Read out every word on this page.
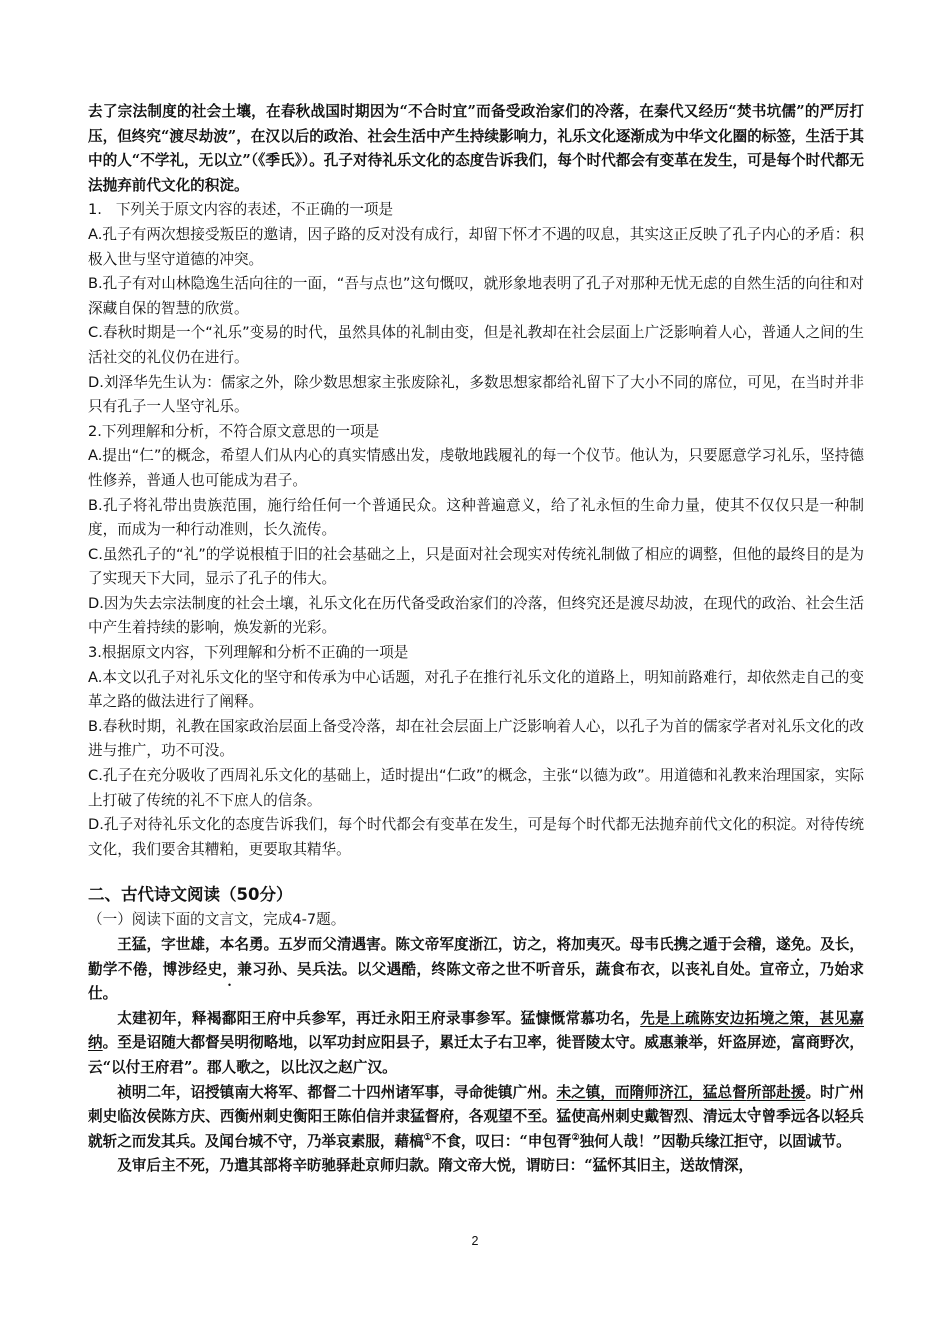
去了宗法制度的社会土壤，在春秋战国时期因为“不合时宜”而备受政治家们的冷落，在秦代又经历“焚书坑儒”的严厉打压，但终究“渡尽劫波”，在汉以后的政治、社会生活中产生持续影响力，礼乐文化逐渐成为中华文化圈的标签，生活于其中的人“不学礼，无以立”（《季氏》）。孔子对待礼乐文化的态度告诉我们，每个时代都会有变革在发生，可是每个时代都无法抛弃前代文化的积淀。

1.   下列关于原文内容的表述，不正确的一项是

A.孔子有两次想接受叛臣的邀请，因子路的反对没有成行，却留下怀才不遇的叹息，其实这正反映了孔子内心的矛盾：积极入世与坚守道德的冲突。

B.孔子有对山林隐逸生活向往的一面，“吾与点也”这句慨叹，就形象地表明了孔子对那种无忧无虑的自然生活的向往和对深藏自保的智慧的欣赏。

C.春秋时期是一个“礼乐”变易的时代，虽然具体的礼制由变，但是礼教却在社会层面上广泛影响着人心，普通人之间的生活社交的礼仪仍在进行。

D.刘泽华先生认为：儒家之外，除少数思想家主张废除礼，多数思想家都给礼留下了大小不同的席位，可见，在当时并非只有孔子一人坚守礼乐。

2.下列理解和分析，不符合原文意思的一项是

A.提出“仁”的概念，希望人们从内心的真实情感出发，虔敬地践履礼的每一个仪节。他认为，只要愿意学习礼乐，坚持德性修养，普通人也可能成为君子。

B.孔子将礼带出贵族范围，施行给任何一个普通民众。这种普遍意义，给了礼永恒的生命力量，使其不仅仅只是一种制度，而成为一种行动准则，长久流传。

C.虽然孔子的“礼”的学说根植于旧的社会基础之上，只是面对社会现实对传统礼制做了相应的调整，但他的最终目的是为了实现天下大同，显示了孔子的伟大。

D.因为失去宗法制度的社会土壤，礼乐文化在历代备受政治家们的冷落，但终究还是渡尽劫波，在现代的政治、社会生活中产生着持续的影响，焕发新的光彩。

3.根据原文内容，下列理解和分析不正确的一项是

A.本文以孔子对礼乐文化的坚守和传承为中心话题，对孔子在推行礼乐文化的道路上，明知前路难行，却依然走自己的变革之路的做法进行了阐释。

B.春秋时期，礼教在国家政治层面上备受冷落，却在社会层面上广泛影响着人心，以孔子为首的儒家学者对礼乐文化的改进与推广，功不可没。

C.孔子在充分吸收了西周礼乐文化的基础上，适时提出“仁政”的概念，主张“以德为政”。用道德和礼教来治理国家，实际上打破了传统的礼不下庶人的信条。

D.孔子对待礼乐文化的态度告诉我们，每个时代都会有变革在发生，可是每个时代都无法抛弃前代文化的积淀。对待传统文化，我们要舍其糟粕，更要取其精华。

二、古代诗文阅读（50分）

（一）阅读下面的文言文，完成4-7题。

王猛，字世雄，本名勇。五岁而父清遇害。陈文帝军度浙江，访之，将加夷灭。母韦氏携之遁于会稽，遂免。及长，勤学不倦，博涉经史，兼习孙、吴兵法。以父遇酷，终陈文帝之世不听音乐，蔬食布衣，以丧礼自处。宣帝立，乃始求仕。

太建初年，释褐鄱阳王府中兵参军，再迁永阳王府录事参军。猛慷慨常慕功名，先是上疏陈安边拓境之策，甚见嘉纳。至是诏随大都督吴明彻略地，以军功封应阳县子，累迁太子右卫率，徙晋陵太守。威惠兼举，奸盗屏迹，富商野次，云“以付王府君”。郡人歌之，以比汉之赵广汉。

祯明二年，诏授镇南大将军、都督二十四州诸军事，寻命徙镇广州。未之镇，而隋师济江，猛总督所部赴援。时广州刺史临汝侯陈方庆、西衡州刺史衡阳王陈伯信并隶猛督府，各观望不至。猛使高州刺史戴智烈、清远太守曾季远各以轻兵就斩之而发其兵。及闻台城不守，乃举哀素服，藉槁①不食，叹曰：“申包胥②独何人哉！”因勒兵缘江拒守，以固诚节。

及审后主不死，乃遣其部将辛昉驰驿赴京师归款。隋文帝大悦，谓昉曰：“猛怀其旧主，送故情深，

2
